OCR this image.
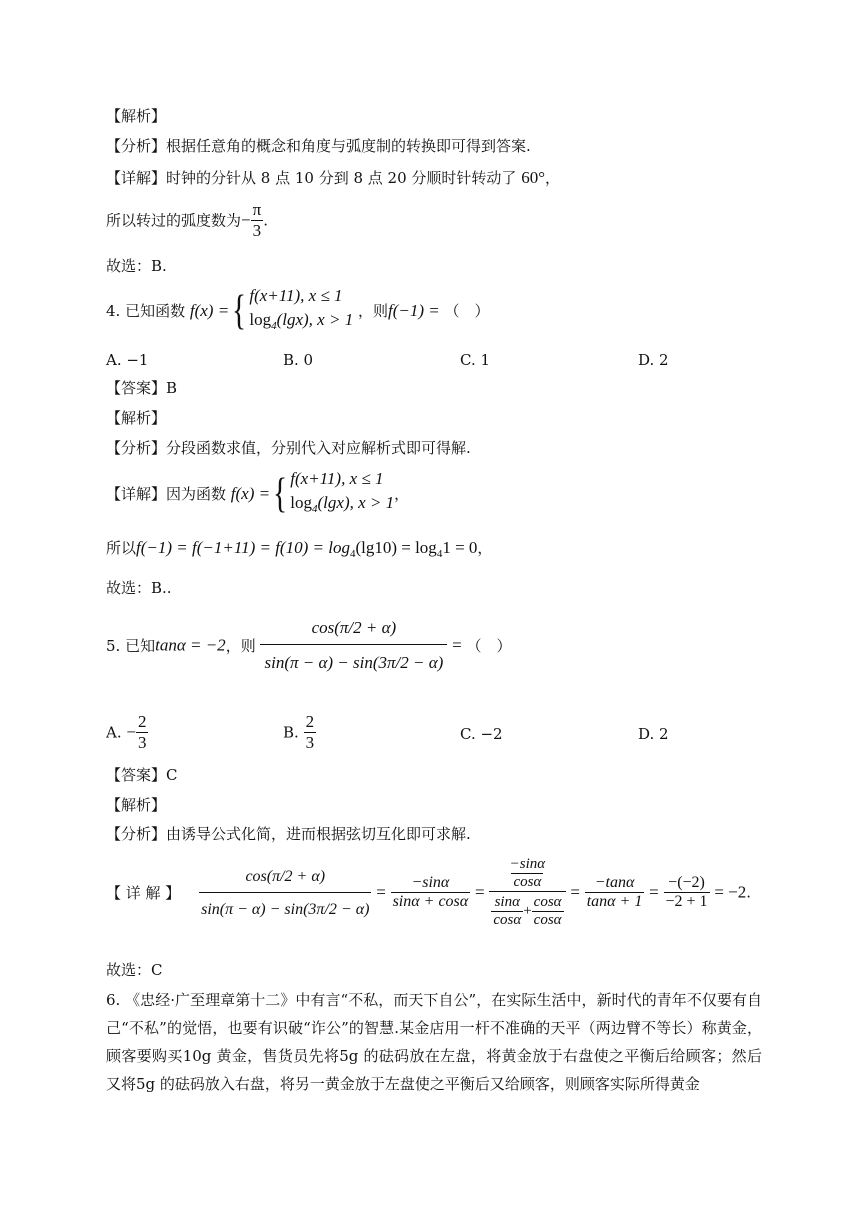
【解析】
【分析】根据任意角的概念和角度与弧度制的转换即可得到答案.
【详解】时钟的分针从 8 点 10 分到 8 点 20 分顺时针转动了 60°，
所以转过的弧度数为− $\frac{\pi}{3}$ .
故选：B.
4. 已知函数 f(x) ={ f(x+11), x ≤ 1
$\log_4(\lg x)$, x > 1 ，则f(−1) = （　）
A. −1	B. 0	C. 1	D. 2
【答案】B
【解析】
【分析】分段函数求值，分别代入对应解析式即可得解.
【详解】因为函数 f(x) ={ f(x+11), x ≤ 1
$\log_4(\lg x)$, x > 1 ，
所以$f(-1) = f(-1+11) = f(10) = \log_4(\lg 10) = \log_41 = 0$，
故选：B..
5. 已知tanα = −2，则 $\frac{\cos(\pi/2 + \alpha)}{\sin(\pi - \alpha) - \sin(3\pi/2 - \alpha)}$ = （　）
A. − $\frac{2}{3}$	B. $\frac{2}{3}$	C. −2	D. 2
【答案】C
【解析】
【分析】由诱导公式化简，进而根据弦切互化即可求解.
【 详 解 】 $\frac{\cos(\pi/2 + \alpha)}{\sin(\pi - \alpha) - \sin(3\pi/2 - \alpha)} = \frac{-\sin\alpha}{\sin\alpha + \cos\alpha} = \frac{\frac{-\sin\alpha}{\cos\alpha}}{\frac{\sin\alpha}{\cos\alpha} + \frac{\cos\alpha}{\cos\alpha}} = \frac{-\tan\alpha}{\tan\alpha + 1} = \frac{-(-2)}{-2 + 1} = -2$.
故选：C
6. 《忠经·广至理章第十二》中有言“不私，而天下自公”，在实际生活中，新时代的青年不仅要有自己“不私”的觉悟，也要有识破“诈公”的智慧.某金店用一杆不准确的天平（两边臂不等长）称黄金，顾客要购买10g 黄金，售货员先将5g 的砝码放在左盘，将黄金放于右盘使之平衡后给顾客；然后又将5g 的砝码放入右盘，将另一黄金放于左盘使之平衡后又给顾客，则顾客实际所得黄金
